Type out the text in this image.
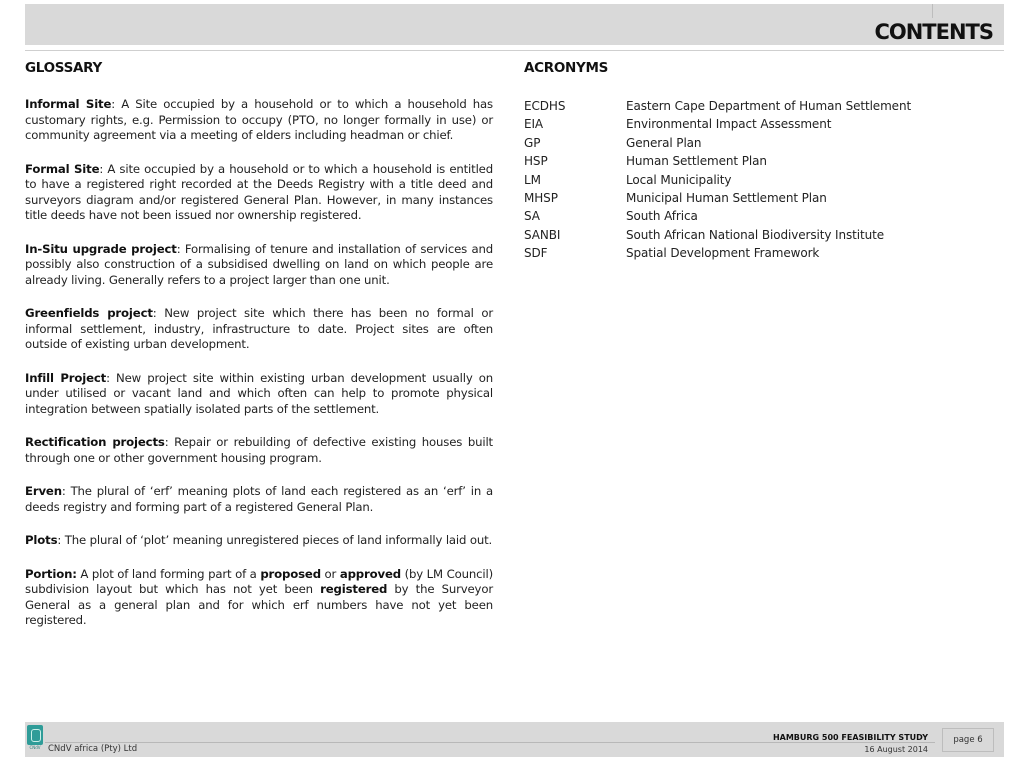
CONTENTS
GLOSSARY	ACRONYMS

Informal Site: A Site occupied by a household or to which a household has customary rights, e.g. Permission to occupy (PTO, no longer formally in use) or community agreement via a meeting of elders including headman or chief.

Formal Site: A site occupied by a household or to which a household is entitled to have a registered right recorded at the Deeds Registry with a title deed and surveyors diagram and/or registered General Plan. However, in many instances title deeds have not been issued nor ownership registered.

In-Situ upgrade project: Formalising of tenure and installation of services and possibly also construction of a subsidised dwelling on land on which people are already living. Generally refers to a project larger than one unit.

Greenfields project: New project site which there has been no formal or informal settlement, industry, infrastructure to date. Project sites are often outside of existing urban development.

Infill Project: New project site within existing urban development usually on under utilised or vacant land and which often can help to promote physical integration between spatially isolated parts of the settlement.

Rectification projects: Repair or rebuilding of defective existing houses built through one or other government housing program.

Erven: The plural of ‘erf’ meaning plots of land each registered as an ‘erf’ in a deeds registry and forming part of a registered General Plan.

Plots: The plural of ‘plot’ meaning unregistered pieces of land informally laid out.

Portion: A plot of land forming part of a proposed or approved (by LM Council) subdivision layout but which has not yet been registered by the Surveyor General as a general plan and for which erf numbers have not yet been registered.

ECDHS	Eastern Cape Department of Human Settlement
EIA	Environmental Impact Assessment
GP	General Plan
HSP	Human Settlement Plan
LM	Local Municipality
MHSP	Municipal Human Settlement Plan
SA	South Africa
SANBI	South African National Biodiversity Institute
SDF	Spatial Development Framework
CNdV CNdV africa (Pty) Ltd
HAMBURG 500 FEASIBILITY STUDY
16 August 2014
page 6
